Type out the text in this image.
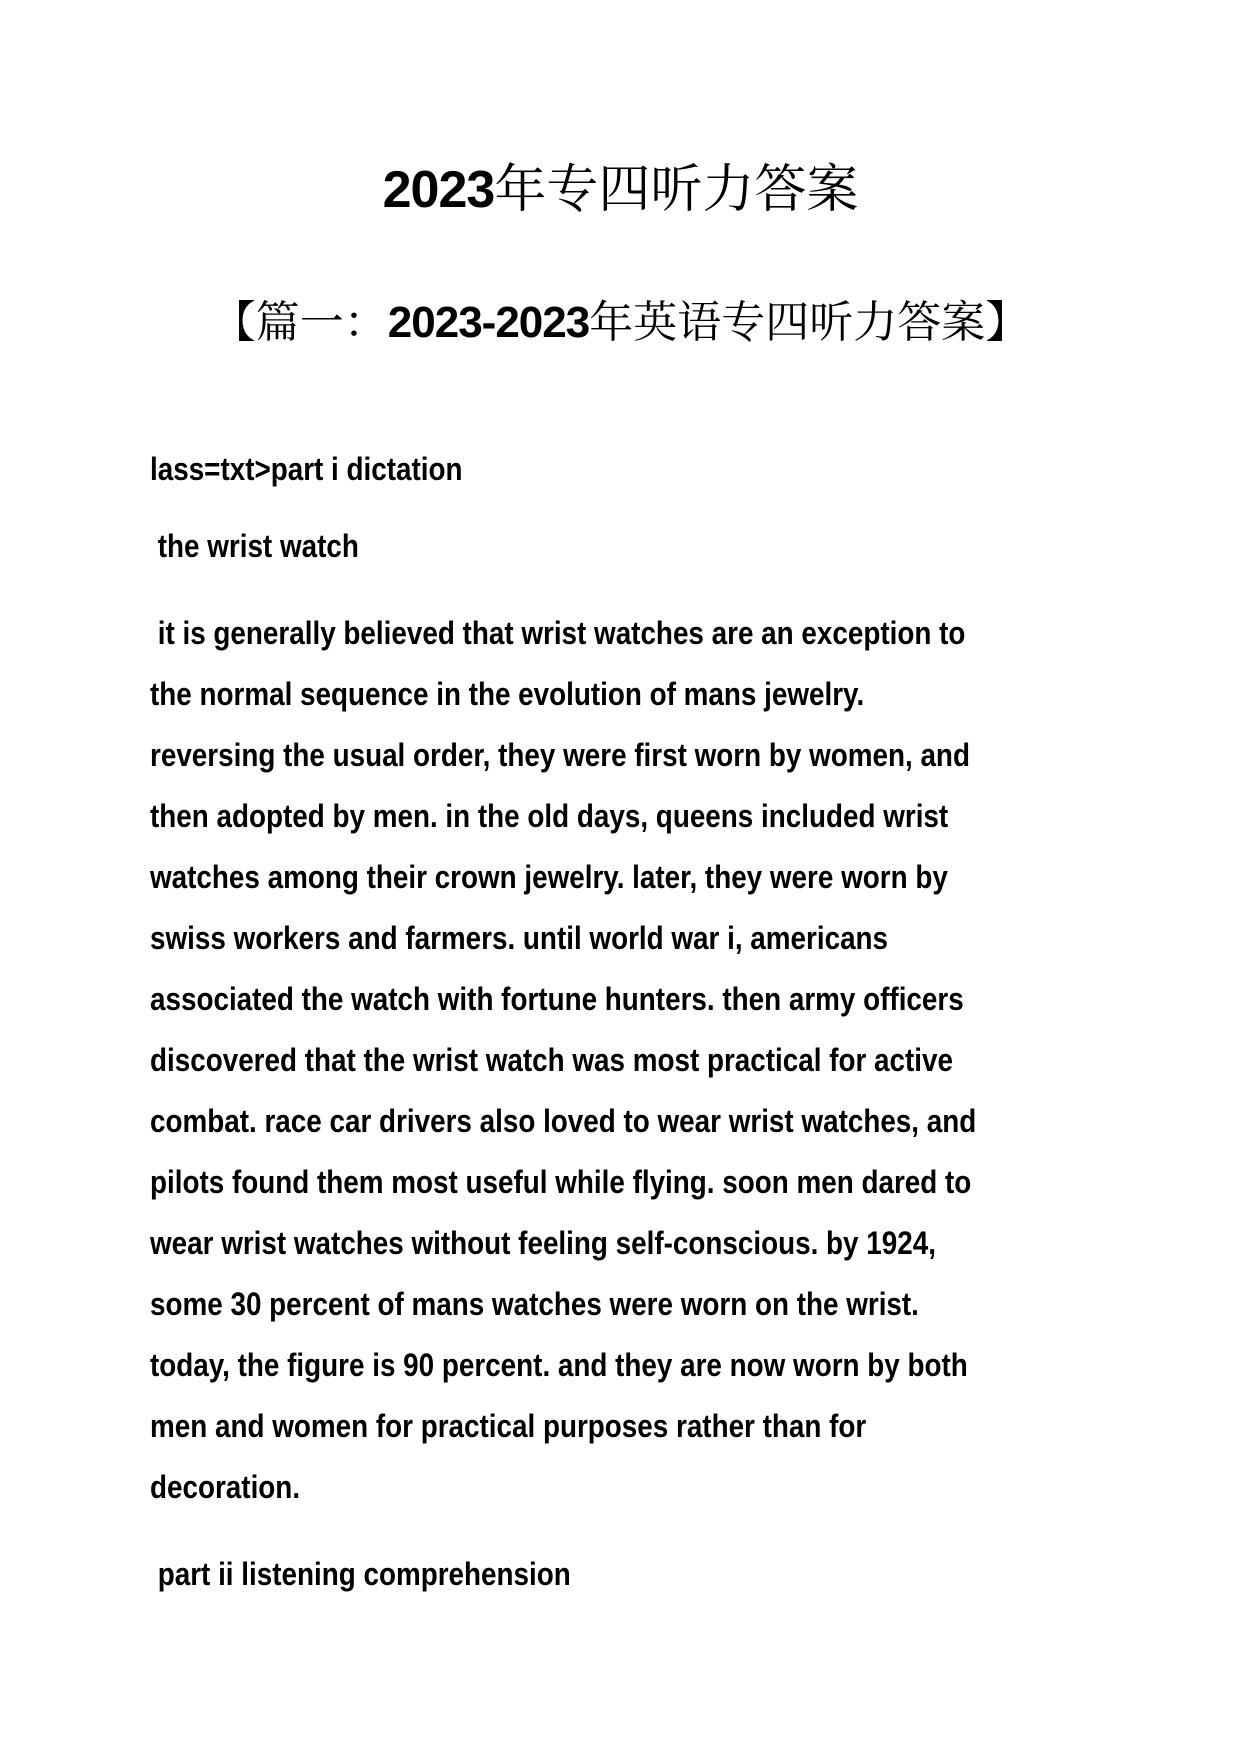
2023年专四听力答案
【篇一：2023-2023年英语专四听力答案】
lass=txt>part i dictation
the wrist watch
it is generally believed that wrist watches are an exception to
the normal sequence in the evolution of mans jewelry.
reversing the usual order, they were first worn by women, and
then adopted by men. in the old days, queens included wrist
watches among their crown jewelry. later, they were worn by
swiss workers and farmers. until world war i, americans
associated the watch with fortune hunters. then army officers
discovered that the wrist watch was most practical for active
combat. race car drivers also loved to wear wrist watches, and
pilots found them most useful while flying. soon men dared to
wear wrist watches without feeling self-conscious. by 1924,
some 30 percent of mans watches were worn on the wrist.
today, the figure is 90 percent. and they are now worn by both
men and women for practical purposes rather than for
decoration.
part ii listening comprehension
